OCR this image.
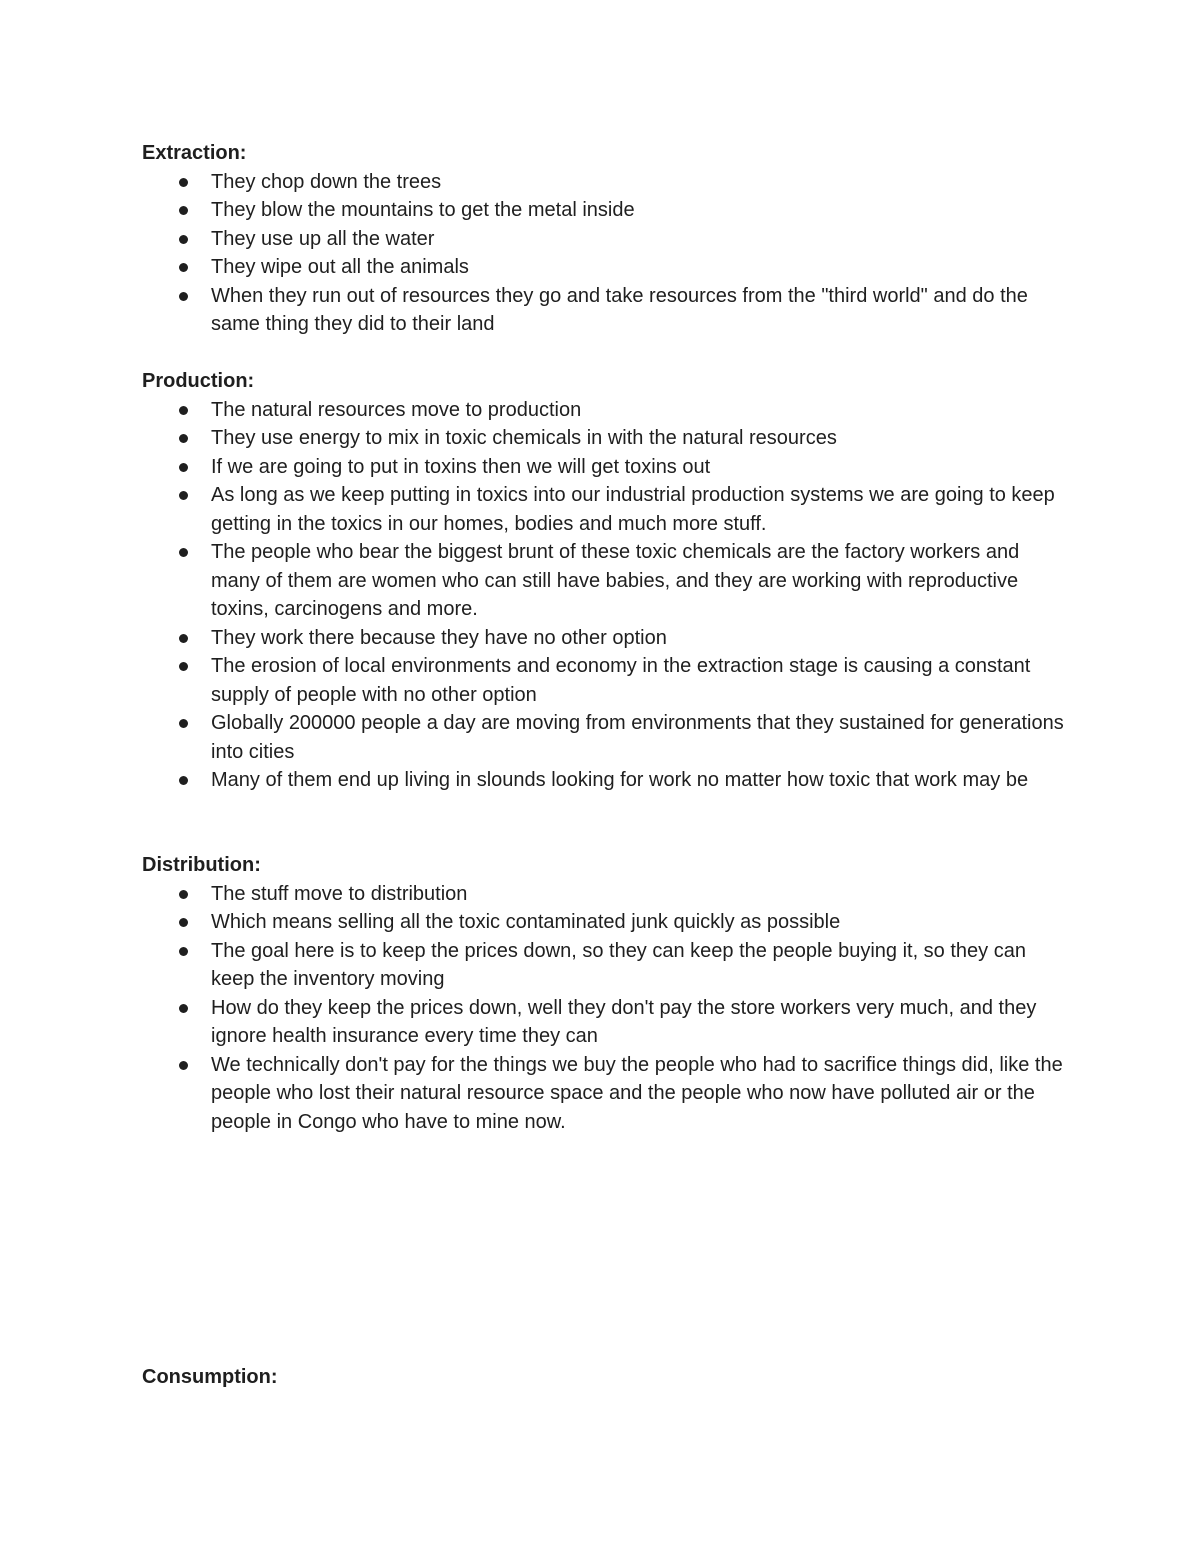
Extraction:
They chop down the trees
They blow the mountains to get the metal inside
They use up all the water
They wipe out all the animals
When they run out of resources they go and take resources from the "third world" and do the same thing they did to their land
Production:
The natural resources move to production
They use energy to mix in toxic chemicals in with the natural resources
If we are going to put in toxins then we will get toxins out
As long as we keep putting in toxics into our industrial production systems we are going to keep getting in the toxics in our homes, bodies and much more stuff.
The people who bear the biggest brunt of these toxic chemicals are the factory workers and many of them are women who can still have babies, and they are working with reproductive toxins, carcinogens and more.
They work there because they have no other option
The erosion of local environments and economy in the extraction stage is causing a constant supply of people with no other option
Globally 200000 people a day are moving from environments that they sustained for generations into cities
Many of them end up living in slounds looking for work no matter how toxic that work may be
Distribution:
The stuff move to distribution
Which means selling all the toxic contaminated junk quickly as possible
The goal here is to keep the prices down, so they can keep the people buying it, so they can keep the inventory moving
How do they keep the prices down, well they don't pay the store workers very much, and they ignore health insurance every time they can
We technically don't pay for the things we buy the people who had to sacrifice things did, like the people who lost their natural resource space and the people who now have polluted air or the people in Congo who have to mine now.
Consumption:
